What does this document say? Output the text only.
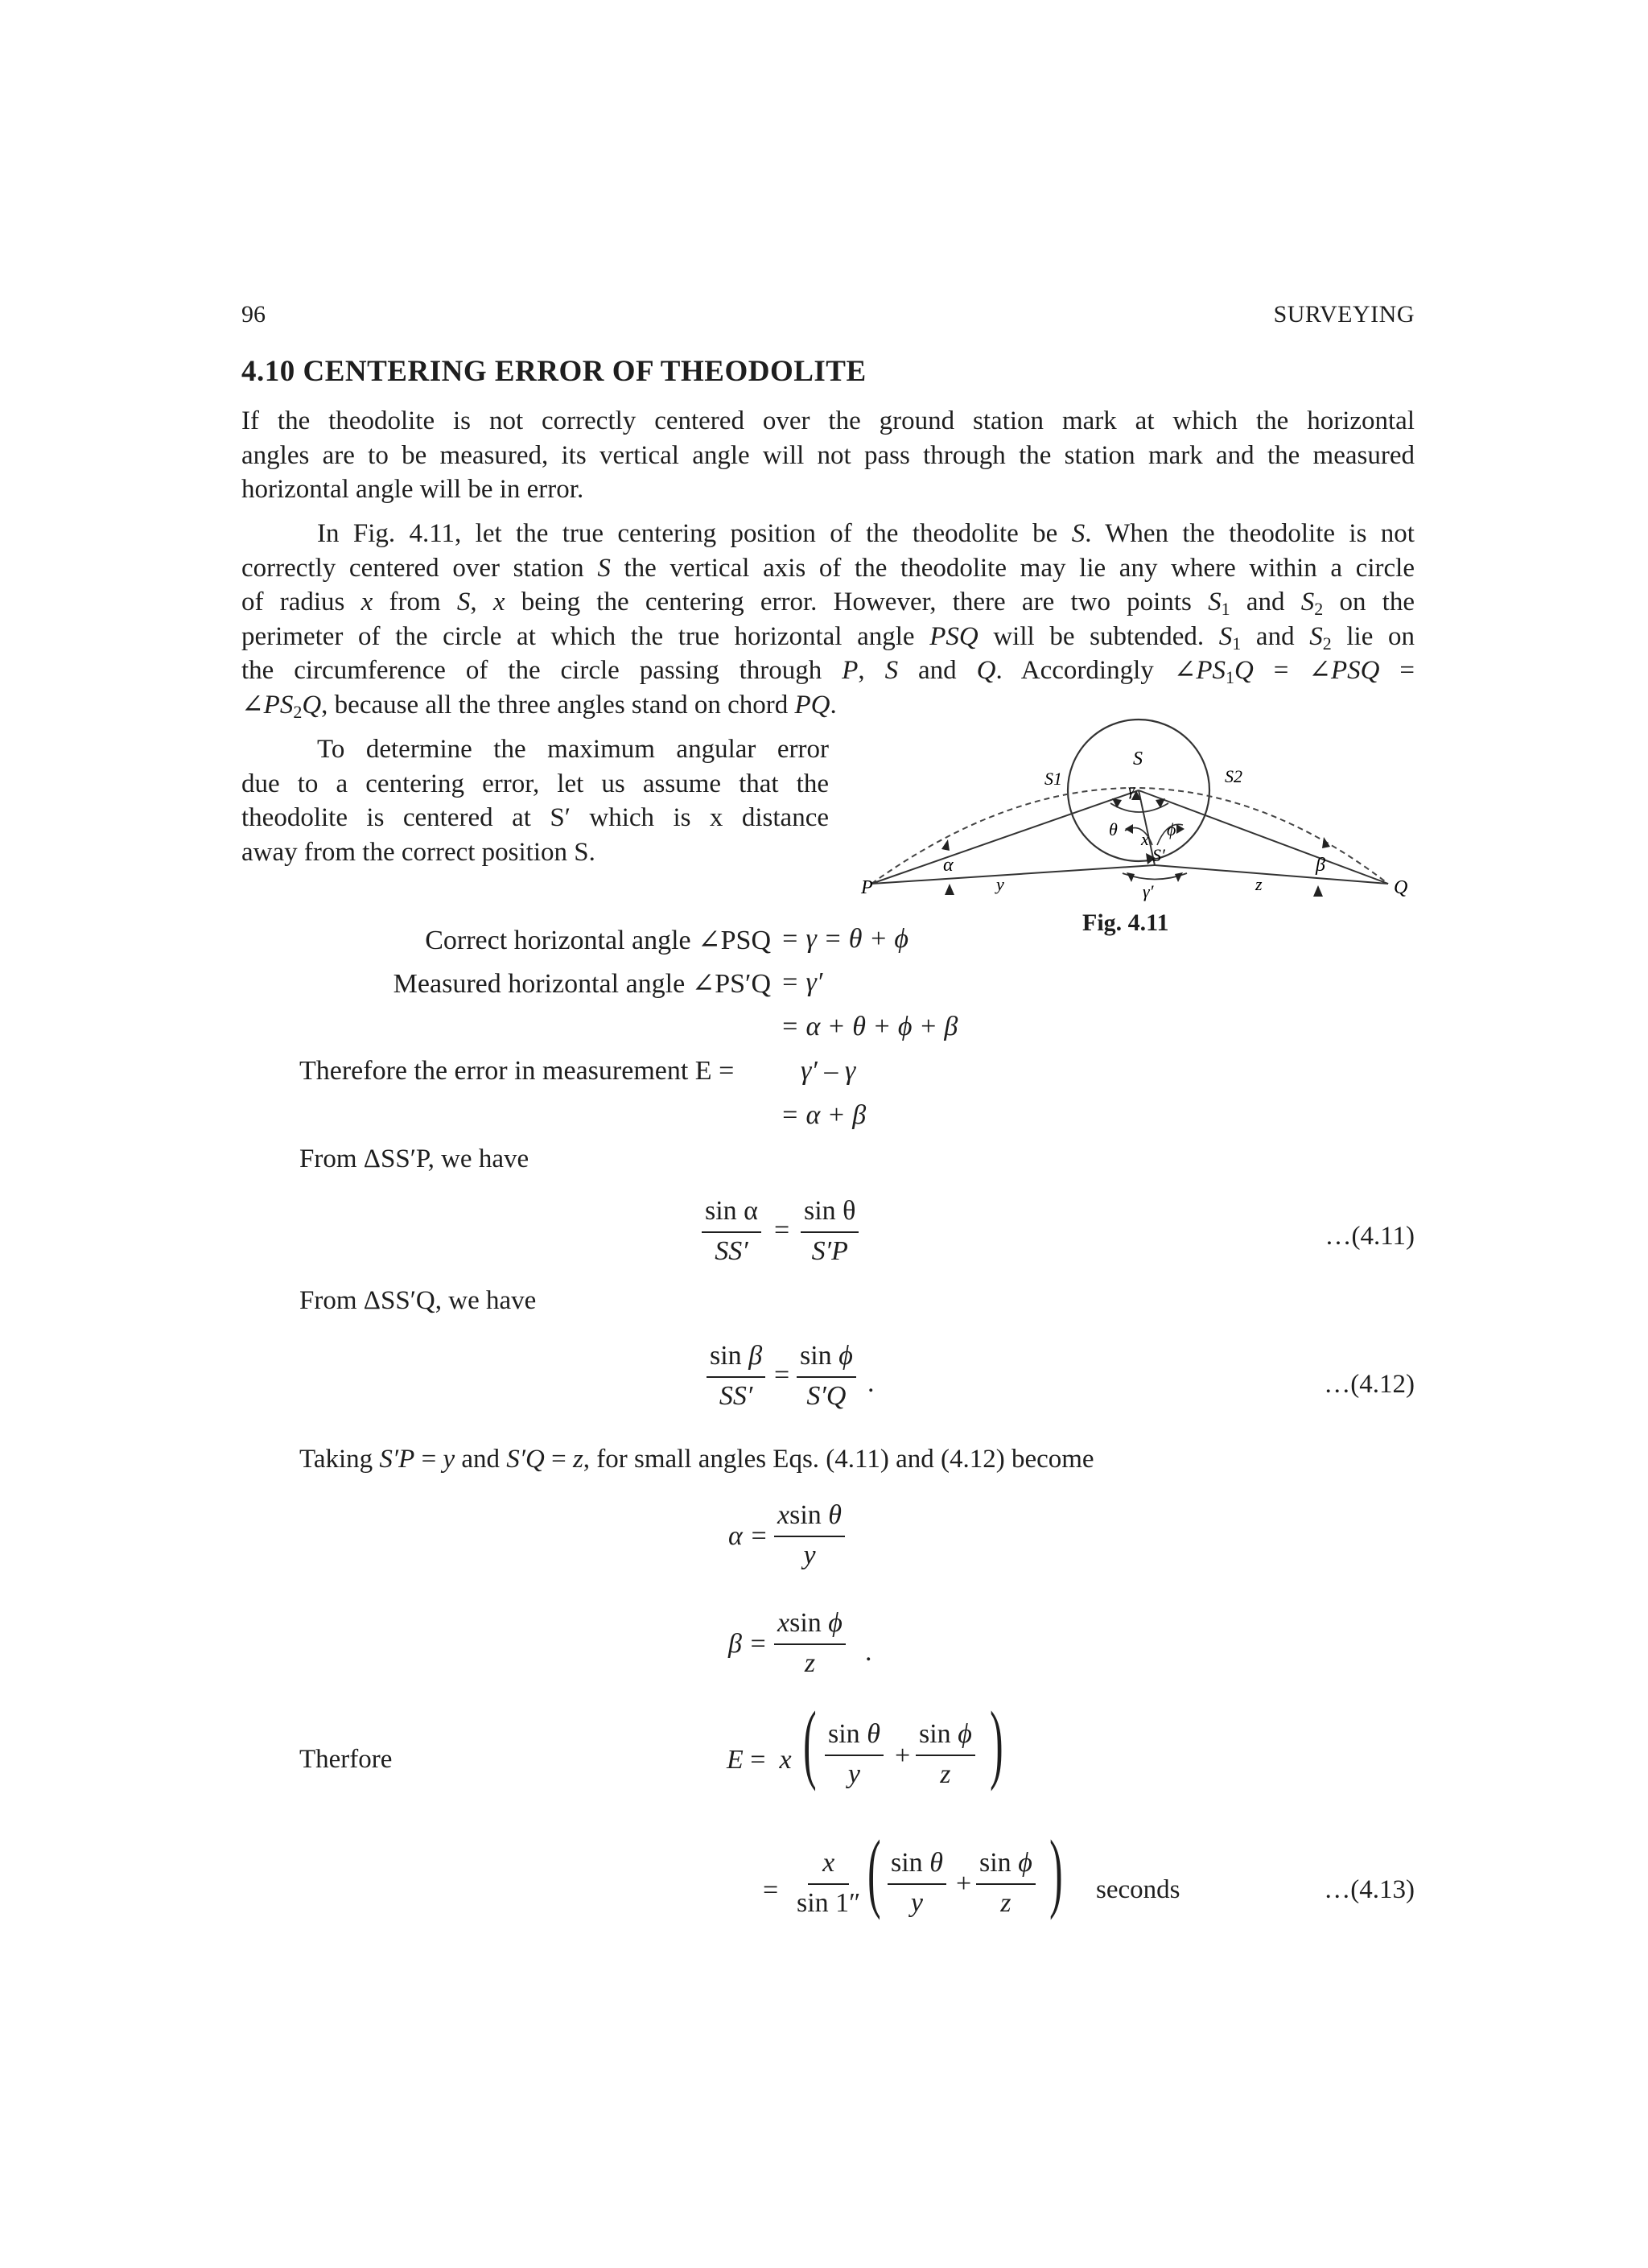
96	SURVEYING
4.10 CENTERING ERROR OF THEODOLITE
If the theodolite is not correctly centered over the ground station mark at which the horizontal
angles are to be measured, its vertical angle will not pass through the station mark and the measured
horizontal angle will be in error.
In Fig. 4.11, let the true centering position of the theodolite be S. When the theodolite is not
correctly centered over station S the vertical axis of the theodolite may lie any where within a circle
of radius x from S, x being the centering error. However, there are two points $S_1$ and $S_2$ on the
perimeter of the circle at which the true horizontal angle PSQ will be subtended. $S_1$ and $S_2$ lie on
the circumference of the circle passing through P, S and Q. Accordingly $\angle PS_1Q$ = ∠PSQ =
$\angle PS_2Q$, because all the three angles stand on chord PQ.
To determine the maximum angular error
due to a centering error, let us assume that the
theodolite is centered at S′ which is x distance
away from the correct position S.
P	Q
S
S1	S2
S′
α	β
θ	ϕ
γ
γ′
x
y	z
Fig. 4.11
Correct horizontal angle ∠PSQ = γ = θ + ϕ
Measured horizontal angle ∠PS′Q = γ′
= α + θ + ϕ + β
Therefore the error in measurement E = γ′ – γ
= α + β
From ΔSS′P, we have
$\frac{\text{sin α}}{SS'} = \frac{\text{sin θ}}{S'P}$	…(4.11)
From ΔSS′Q, we have
$\frac{\text{sin β}}{SS'} = \frac{\text{sin ϕ}}{S'Q}$ .	…(4.12)
Taking S′P = y and S′Q = z, for small angles Eqs. (4.11) and (4.12) become
$\alpha = \frac{\text{xsin θ}}{y}$
$\beta = \frac{\text{xsin ϕ}}{z}$ .
Therfore	E =  x ( $\frac{\text{sin θ}}{y} + \frac{\text{sin ϕ}}{z}$ )
= $\frac{x}{\sin 1''}$ ( $\frac{\text{sin θ}}{y} + \frac{\text{sin ϕ}}{z}$ ) seconds	…(4.13)
